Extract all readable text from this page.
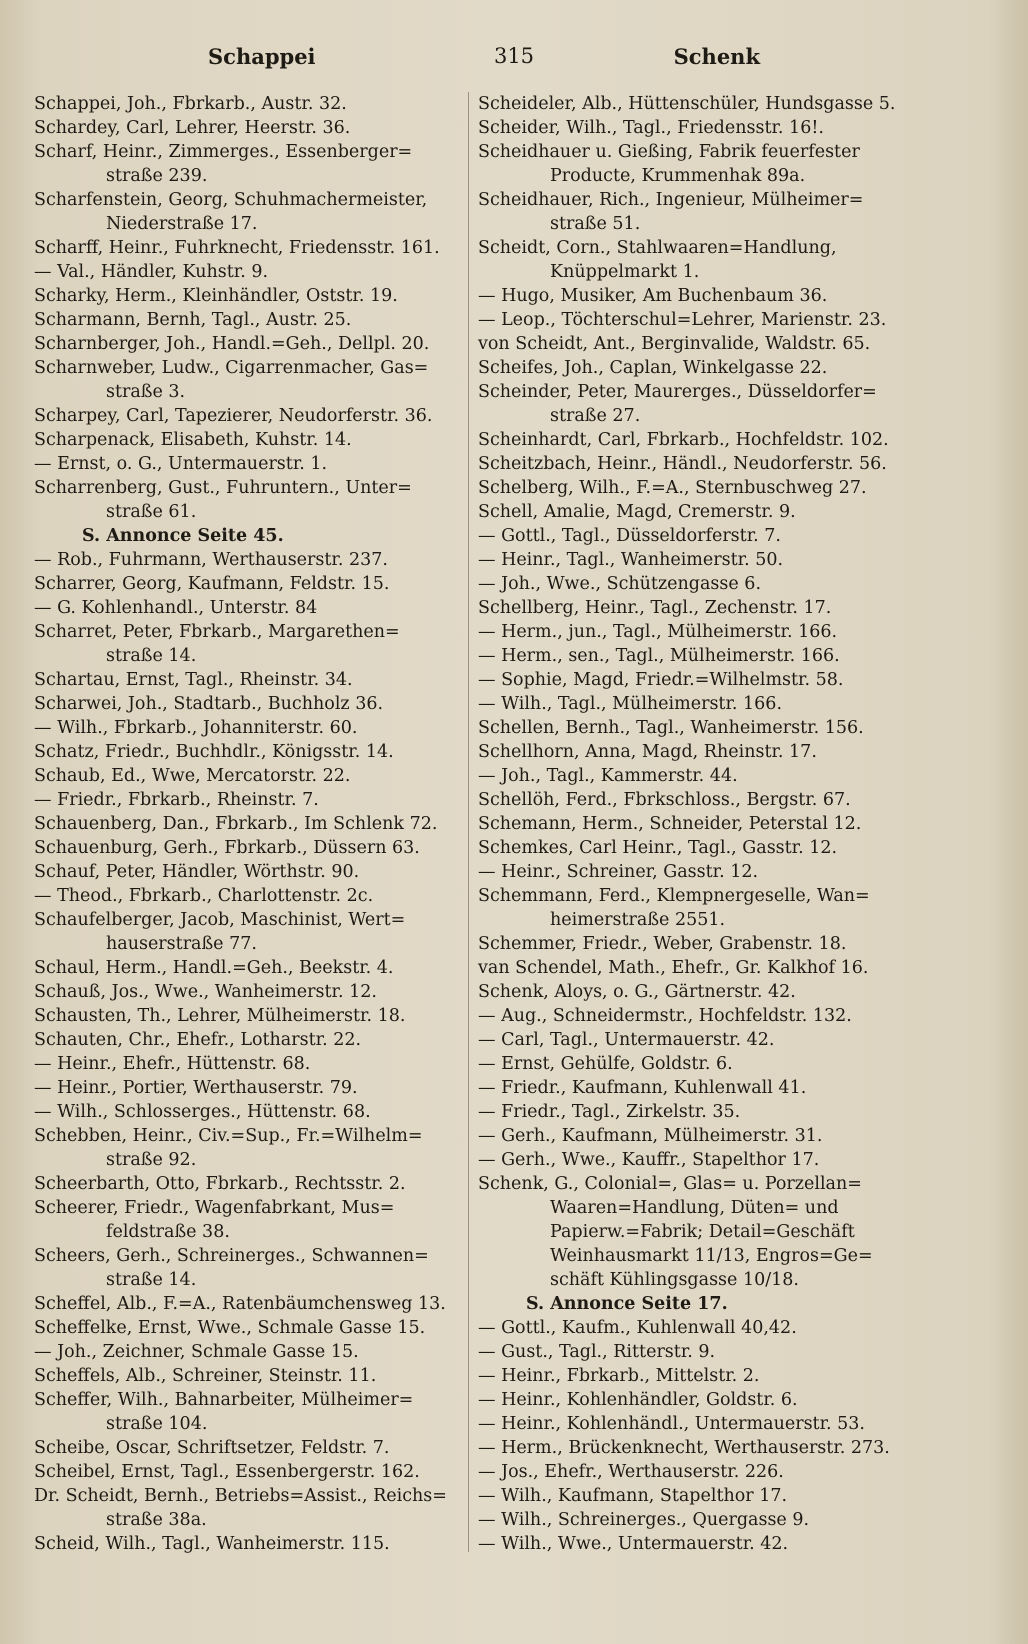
Schappei	315	Schenk
Schappei, Joh., Fbrkarb., Austr. 32.
Schardey, Carl, Lehrer, Heerstr. 36.
Scharf, Heinr., Zimmerges., Essenberger=
straße 239.
Scharfenstein, Georg, Schuhmachermeister,
Niederstraße 17.
Scharff, Heinr., Fuhrknecht, Friedensstr. 161.
— Val., Händler, Kuhstr. 9.
Scharky, Herm., Kleinhändler, Oststr. 19.
Scharmann, Bernh, Tagl., Austr. 25.
Scharnberger, Joh., Handl.=Geh., Dellpl. 20.
Scharnweber, Ludw., Cigarrenmacher, Gas=
straße 3.
Scharpey, Carl, Tapezierer, Neudorferstr. 36.
Scharpenack, Elisabeth, Kuhstr. 14.
— Ernst, o. G., Untermauerstr. 1.
Scharrenberg, Gust., Fuhruntern., Unter=
straße 61.
S. Annonce Seite 45.
— Rob., Fuhrmann, Werthauserstr. 237.
Scharrer, Georg, Kaufmann, Feldstr. 15.
— G. Kohlenhandl., Unterstr. 84
Scharret, Peter, Fbrkarb., Margarethen=
straße 14.
Schartau, Ernst, Tagl., Rheinstr. 34.
Scharwei, Joh., Stadtarb., Buchholz 36.
— Wilh., Fbrkarb., Johanniterstr. 60.
Schatz, Friedr., Buchhdlr., Königsstr. 14.
Schaub, Ed., Wwe, Mercatorstr. 22.
— Friedr., Fbrkarb., Rheinstr. 7.
Schauenberg, Dan., Fbrkarb., Im Schlenk 72.
Schauenburg, Gerh., Fbrkarb., Düssern 63.
Schauf, Peter, Händler, Wörthstr. 90.
— Theod., Fbrkarb., Charlottenstr. 2c.
Schaufelberger, Jacob, Maschinist, Wert=
hauserstraße 77.
Schaul, Herm., Handl.=Geh., Beekstr. 4.
Schauß, Jos., Wwe., Wanheimerstr. 12.
Schausten, Th., Lehrer, Mülheimerstr. 18.
Schauten, Chr., Ehefr., Lotharstr. 22.
— Heinr., Ehefr., Hüttenstr. 68.
— Heinr., Portier, Werthauserstr. 79.
— Wilh., Schlosserges., Hüttenstr. 68.
Schebben, Heinr., Civ.=Sup., Fr.=Wilhelm=
straße 92.
Scheerbarth, Otto, Fbrkarb., Rechtsstr. 2.
Scheerer, Friedr., Wagenfabrkant, Mus=
feldstraße 38.
Scheers, Gerh., Schreinerges., Schwannen=
straße 14.
Scheffel, Alb., F.=A., Ratenbäumchensweg 13.
Scheffelke, Ernst, Wwe., Schmale Gasse 15.
— Joh., Zeichner, Schmale Gasse 15.
Scheffels, Alb., Schreiner, Steinstr. 11.
Scheffer, Wilh., Bahnarbeiter, Mülheimer=
straße 104.
Scheibe, Oscar, Schriftsetzer, Feldstr. 7.
Scheibel, Ernst, Tagl., Essenbergerstr. 162.
Dr. Scheidt, Bernh., Betriebs=Assist., Reichs=
straße 38a.
Scheid, Wilh., Tagl., Wanheimerstr. 115.
Scheideler, Alb., Hüttenschüler, Hundsgasse 5.
Scheider, Wilh., Tagl., Friedensstr. 16!.
Scheidhauer u. Gießing, Fabrik feuerfester
Producte, Krummenhak 89a.
Scheidhauer, Rich., Ingenieur, Mülheimer=
straße 51.
Scheidt, Corn., Stahlwaaren=Handlung,
Knüppelmarkt 1.
— Hugo, Musiker, Am Buchenbaum 36.
— Leop., Töchterschul=Lehrer, Marienstr. 23.
von Scheidt, Ant., Berginvalide, Waldstr. 65.
Scheifes, Joh., Caplan, Winkelgasse 22.
Scheinder, Peter, Maurerges., Düsseldorfer=
straße 27.
Scheinhardt, Carl, Fbrkarb., Hochfeldstr. 102.
Scheitzbach, Heinr., Händl., Neudorferstr. 56.
Schelberg, Wilh., F.=A., Sternbuschweg 27.
Schell, Amalie, Magd, Cremerstr. 9.
— Gottl., Tagl., Düsseldorferstr. 7.
— Heinr., Tagl., Wanheimerstr. 50.
— Joh., Wwe., Schützengasse 6.
Schellberg, Heinr., Tagl., Zechenstr. 17.
— Herm., jun., Tagl., Mülheimerstr. 166.
— Herm., sen., Tagl., Mülheimerstr. 166.
— Sophie, Magd, Friedr.=Wilhelmstr. 58.
— Wilh., Tagl., Mülheimerstr. 166.
Schellen, Bernh., Tagl., Wanheimerstr. 156.
Schellhorn, Anna, Magd, Rheinstr. 17.
— Joh., Tagl., Kammerstr. 44.
Schellöh, Ferd., Fbrkschloss., Bergstr. 67.
Schemann, Herm., Schneider, Peterstal 12.
Schemkes, Carl Heinr., Tagl., Gasstr. 12.
— Heinr., Schreiner, Gasstr. 12.
Schemmann, Ferd., Klempnergeselle, Wan=
heimerstraße 2551.
Schemmer, Friedr., Weber, Grabenstr. 18.
van Schendel, Math., Ehefr., Gr. Kalkhof 16.
Schenk, Aloys, o. G., Gärtnerstr. 42.
— Aug., Schneidermstr., Hochfeldstr. 132.
— Carl, Tagl., Untermauerstr. 42.
— Ernst, Gehülfe, Goldstr. 6.
— Friedr., Kaufmann, Kuhlenwall 41.
— Friedr., Tagl., Zirkelstr. 35.
— Gerh., Kaufmann, Mülheimerstr. 31.
— Gerh., Wwe., Kauffr., Stapelthor 17.
Schenk, G., Colonial=, Glas= u. Porzellan=
Waaren=Handlung, Düten= und
Papierw.=Fabrik; Detail=Geschäft
Weinhausmarkt 11/13, Engros=Ge=
schäft Kühlingsgasse 10/18.
S. Annonce Seite 17.
— Gottl., Kaufm., Kuhlenwall 40,42.
— Gust., Tagl., Ritterstr. 9.
— Heinr., Fbrkarb., Mittelstr. 2.
— Heinr., Kohlenhändler, Goldstr. 6.
— Heinr., Kohlenhändl., Untermauerstr. 53.
— Herm., Brückenknecht, Werthauserstr. 273.
— Jos., Ehefr., Werthauserstr. 226.
— Wilh., Kaufmann, Stapelthor 17.
— Wilh., Schreinerges., Quergasse 9.
— Wilh., Wwe., Untermauerstr. 42.
